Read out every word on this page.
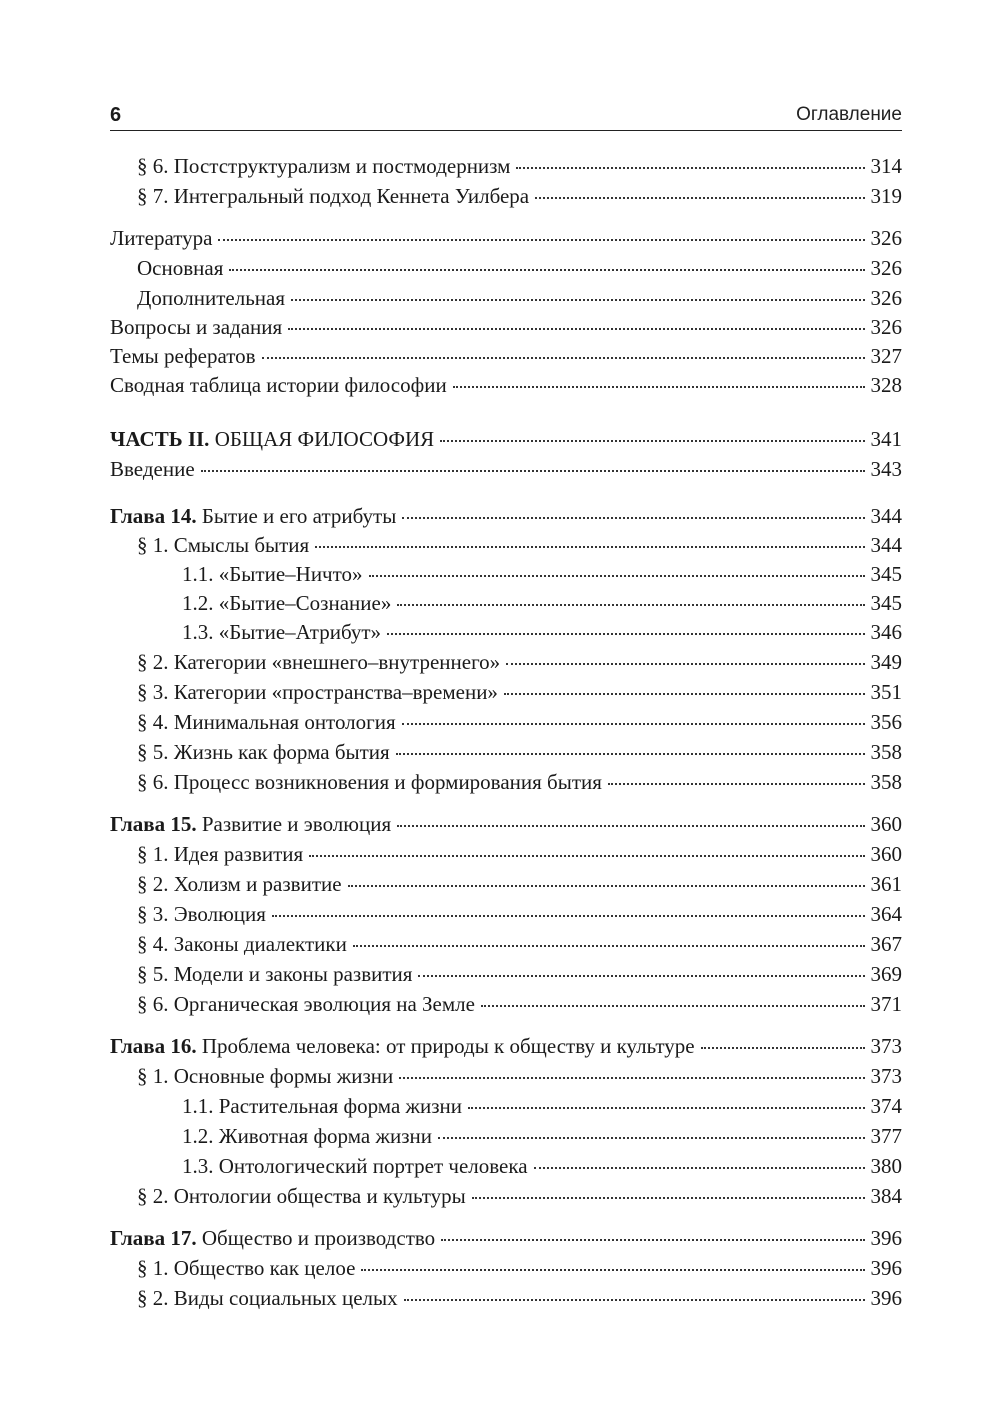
6	Оглавление
§ 6. Постструктурализм и постмодернизм	314
§ 7. Интегральный подход Кеннета Уилбера	319
Литература	326
Основная	326
Дополнительная	326
Вопросы и задания	326
Темы рефератов	327
Сводная таблица истории философии	328
ЧАСТЬ II. ОБЩАЯ ФИЛОСОФИЯ	341
Введение	343
Глава 14. Бытие и его атрибуты	344
§ 1. Смыслы бытия	344
1.1. «Бытие–Ничто»	345
1.2. «Бытие–Сознание»	345
1.3. «Бытие–Атрибут»	346
§ 2. Категории «внешнего–внутреннего»	349
§ 3. Категории «пространства–времени»	351
§ 4. Минимальная онтология	356
§ 5. Жизнь как форма бытия	358
§ 6. Процесс возникновения и формирования бытия	358
Глава 15. Развитие и эволюция	360
§ 1. Идея развития	360
§ 2. Холизм и развитие	361
§ 3. Эволюция	364
§ 4. Законы диалектики	367
§ 5. Модели и законы развития	369
§ 6. Органическая эволюция на Земле	371
Глава 16. Проблема человека: от природы к обществу и культуре	373
§ 1. Основные формы жизни	373
1.1. Растительная форма жизни	374
1.2. Животная форма жизни	377
1.3. Онтологический портрет человека	380
§ 2. Онтологии общества и культуры	384
Глава 17. Общество и производство	396
§ 1. Общество как целое	396
§ 2. Виды социальных целых	396
